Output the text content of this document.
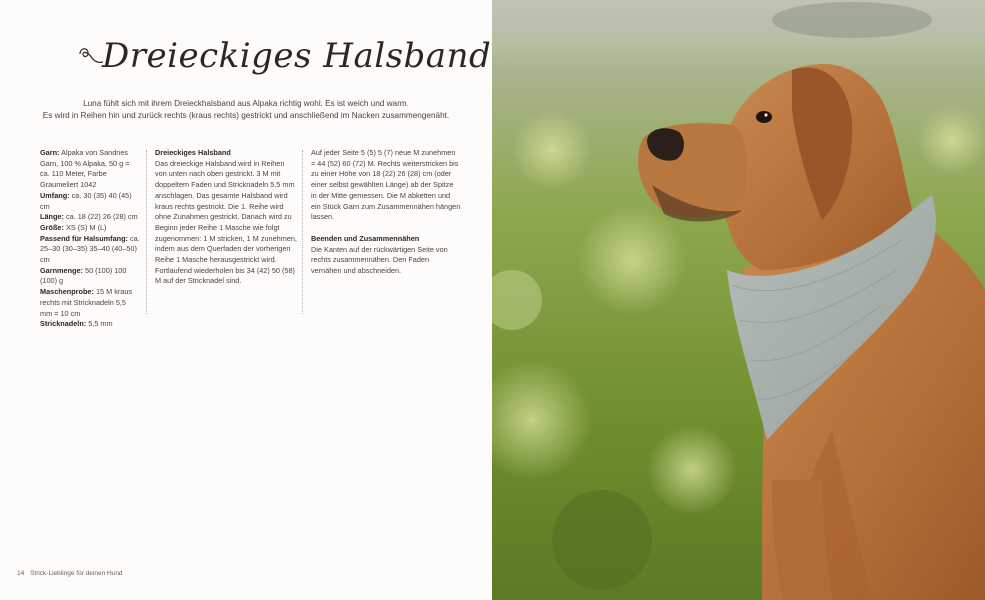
Dreieckiges Halsband
Luna fühlt sich mit ihrem Dreieckhalsband aus Alpaka richtig wohl. Es ist weich und warm.
Es wird in Reihen hin und zurück rechts (kraus rechts) gestrickt und anschließend im Nacken zusammengenäht.

Garn: Alpaka von Sandnes Garn, 100 % Alpaka, 50 g = ca. 110 Meter, Farbe Graumeliert 1042

Umfang: ca. 30 (35) 40 (45) cm

Länge: ca. 18 (22) 26 (28) cm

Größe: XS (S) M (L)

Passend für Halsumfang: ca. 25–30 (30–35) 35–40 (40–50) cm

Garnmenge: 50 (100) 100 (100) g

Maschenprobe: 15 M kraus rechts mit Stricknadeln 5,5 mm = 10 cm

Stricknadeln: 5,5 mm

Dreieckiges Halsband

Das dreieckige Halsband wird in Reihen von unten nach oben gestrickt. 3 M mit doppeltem Faden und Stricknadeln 5,5 mm anschlagen. Das gesamte Halsband wird kraus rechts gestrickt. Die 1. Reihe wird ohne Zunahmen gestrickt. Danach wird zu Beginn jeder Reihe 1 Masche wie folgt zugenommen: 1 M stricken, 1 M zunehmen, indem aus dem Querfaden der vorherigen Reihe 1 Masche herausgestrickt wird. Fortlaufend wiederholen bis 34 (42) 50 (58) M auf der Stricknadel sind.

Auf jeder Seite 5 (5) 5 (7) neue M zunehmen = 44 (52) 60 (72) M. Rechts weiterstricken bis zu einer Höhe von 18 (22) 26 (28) cm (oder einer selbst gewählten Länge) ab der Spitze in der Mitte gemessen. Die M abketten und ein Stück Garn zum Zusammennähen hängen lassen.

Beenden und Zusammennähen

Die Kanten auf der rückwärtigen Seite von rechts zusammennähen. Den Faden vernähen und abschneiden.

14 Strick-Lieblinge für deinen Hund
